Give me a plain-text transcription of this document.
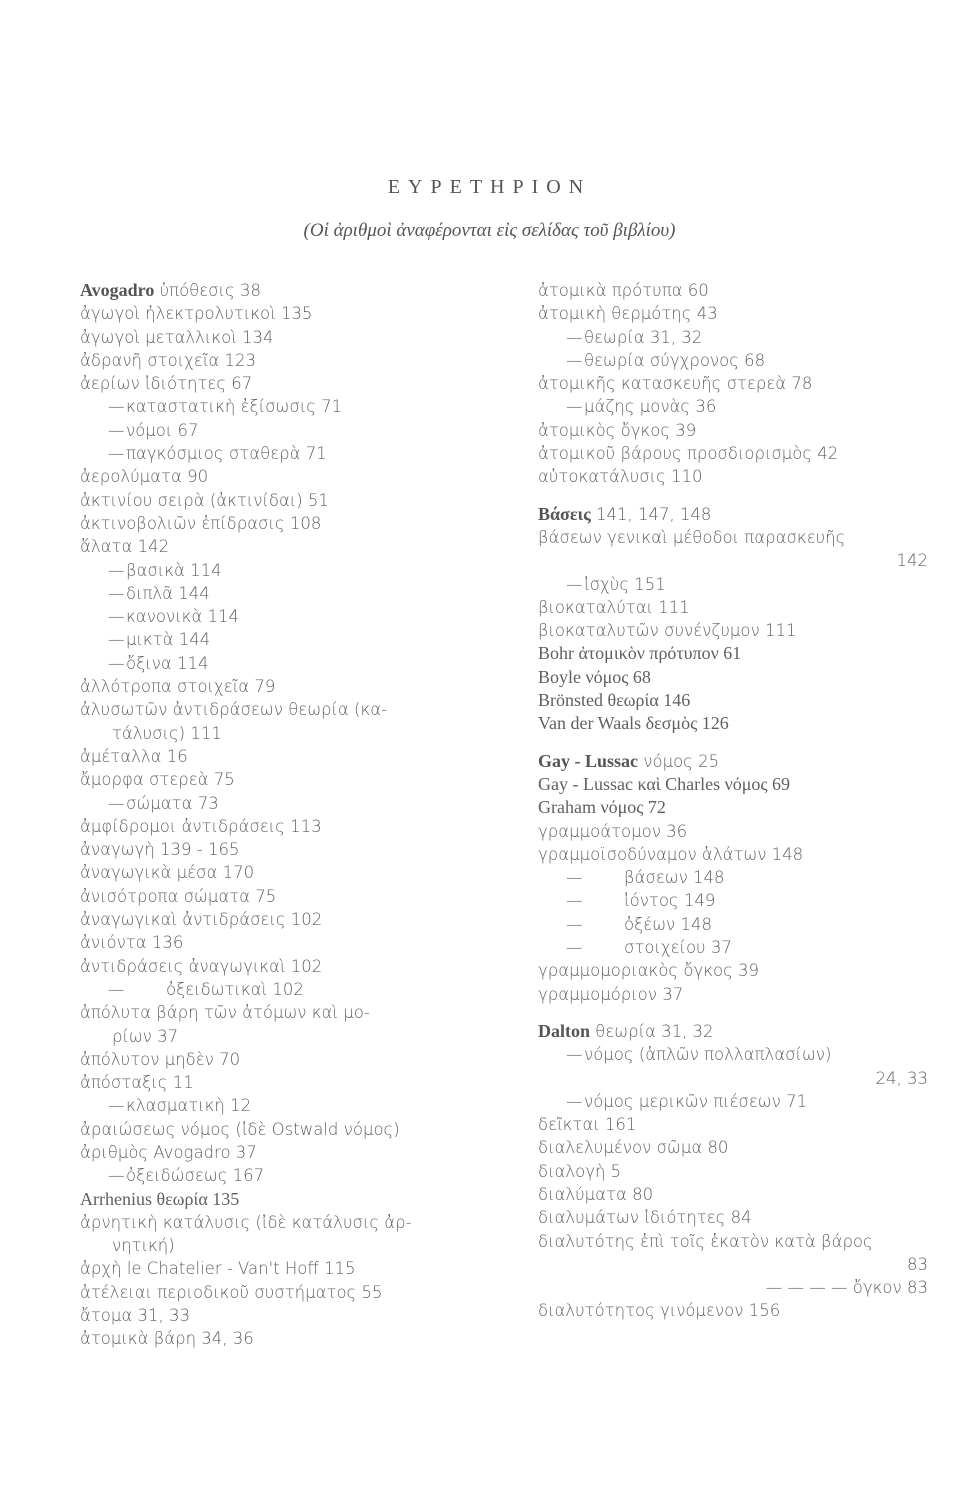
ΕΥΡΕΤΗΡΙΟΝ
(Οἱ ἀριθμοὶ ἀναφέρονται εἰς σελίδας τοῦ βιβλίου)
Avogadro ὑπόθεσις 38
ἀγωγοὶ ἠλεκτρολυτικοὶ 135
ἀγωγοὶ μεταλλικοὶ 134
ἀδρανῆ στοιχεῖα 123
ἀερίων ἰδιότητες 67
— καταστατικὴ ἐξίσωσις 71
— νόμοι 67
— παγκόσμιος σταθερὰ 71
ἀερολύματα 90
ἀκτινίου σειρὰ (ἀκτινίδαι) 51
ἀκτινοβολιῶν ἐπίδρασις 108
ἅλατα 142
— βασικὰ 114
— διπλᾶ 144
— κανονικὰ 114
— μικτὰ 144
— ὄξινα 114
ἀλλότροπα στοιχεῖα 79
ἀλυσωτῶν ἀντιδράσεων θεωρία (κα-
τάλυσις) 111
ἀμέταλλα 16
ἄμορφα στερεὰ 75
— σώματα 73
ἀμφίδρομοι ἀντιδράσεις 113
ἀναγωγὴ 139 - 165
ἀναγωγικὰ μέσα 170
ἀνισότροπα σώματα 75
ἀναγωγικαὶ ἀντιδράσεις 102
ἀνιόντα 136
ἀντιδράσεις ἀναγωγικαὶ 102
—	ὀξειδωτικαὶ 102
ἀπόλυτα βάρη τῶν ἀτόμων καὶ μο-
ρίων 37
ἀπόλυτον μηδὲν 70
ἀπόσταξις 11
— κλασματικὴ 12
ἀραιώσεως νόμος (ἰδὲ Ostwald νόμος)
ἀριθμὸς Avogadro 37
— ὀξειδώσεως 167
Arrhenius θεωρία 135
ἀρνητικὴ κατάλυσις (ἰδὲ κατάλυσις ἀρ-
νητική)
ἀρχὴ le Chatelier - Van't Hoff 115
ἀτέλειαι περιοδικοῦ συστήματος 55
ἄτομα 31, 33
ἀτομικὰ βάρη 34, 36
ἀτομικὰ πρότυπα 60
ἀτομικὴ θερμότης 43
— θεωρία 31, 32
— θεωρία σύγχρονος 68
ἀτομικῆς κατασκευῆς στερεὰ 78
— μάζης μονὰς 36
ἀτομικὸς ὄγκος 39
ἀτομικοῦ βάρους προσδιορισμὸς 42
αὐτοκατάλυσις 110
Βάσεις 141, 147, 148
βάσεων γενικαὶ μέθοδοι παρασκευῆς
142
— ἰσχὺς 151
βιοκαταλύται 111
βιοκαταλυτῶν συνένζυμον 111
Bohr ἀτομικὸν πρότυπον 61
Boyle νόμος 68
Brönsted θεωρία 146
Van der Waals δεσμὸς 126
Gay - Lussac νόμος 25
Gay - Lussac καὶ Charles νόμος 69
Graham νόμος 72
γραμμοάτομον 36
γραμμοϊσοδύναμον ἁλάτων 148
—	βάσεων 148
—	ἰόντος 149
—	ὀξέων 148
—	στοιχείου 37
γραμμομοριακὸς ὄγκος 39
γραμμομόριον 37
Dalton θεωρία 31, 32
— νόμος (ἁπλῶν πολλαπλασίων)
24, 33
— νόμος μερικῶν πιέσεων 71
δεῖκται 161
διαλελυμένον σῶμα 80
διαλογὴ 5
διαλύματα 80
διαλυμάτων ἰδιότητες 84
διαλυτότης ἐπὶ τοῖς ἑκατὸν κατὰ βάρος
83
— — — — ὄγκον 83
διαλυτότητος γινόμενον 156
